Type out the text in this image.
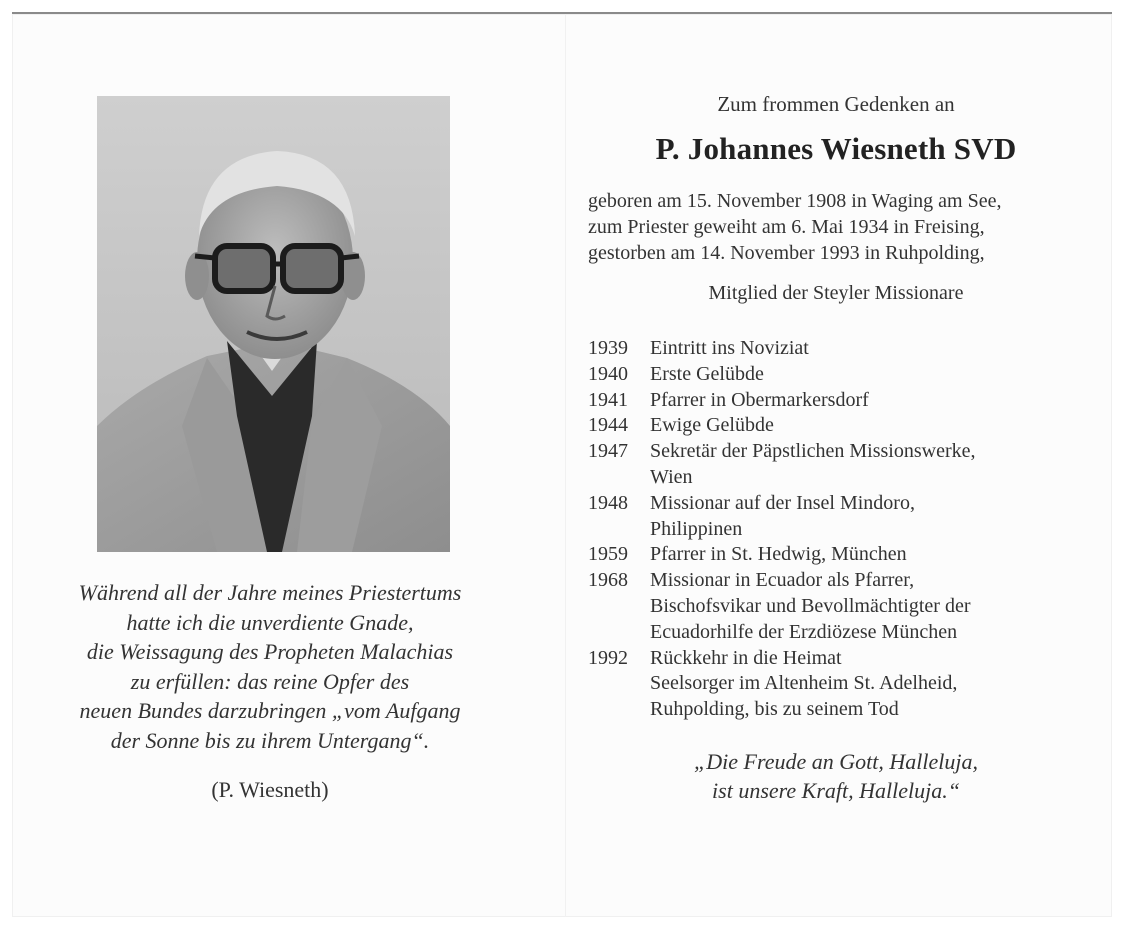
Während all der Jahre meines Priestertums
hatte ich die unverdiente Gnade,
die Weissagung des Propheten Malachias
zu erfüllen: das reine Opfer des
neuen Bundes darzubringen „vom Aufgang
der Sonne bis zu ihrem Untergang“.
(P. Wiesneth)
Zum frommen Gedenken an
P. Johannes Wiesneth SVD
geboren am 15. November 1908 in Waging am See,
zum Priester geweiht am 6. Mai 1934 in Freising,
gestorben am 14. November 1993 in Ruhpolding,
Mitglied der Steyler Missionare
1939	Eintritt ins Noviziat
1940	Erste Gelübde
1941	Pfarrer in Obermarkersdorf
1944	Ewige Gelübde
1947	Sekretär der Päpstlichen Missionswerke,
Wien
1948	Missionar auf der Insel Mindoro,
Philippinen
1959	Pfarrer in St. Hedwig, München
1968	Missionar in Ecuador als Pfarrer,
Bischofsvikar und Bevollmächtigter der
Ecuadorhilfe der Erzdiözese München
1992	Rückkehr in die Heimat
Seelsorger im Altenheim St. Adelheid,
Ruhpolding, bis zu seinem Tod
„Die Freude an Gott, Halleluja,
ist unsere Kraft, Halleluja.“
